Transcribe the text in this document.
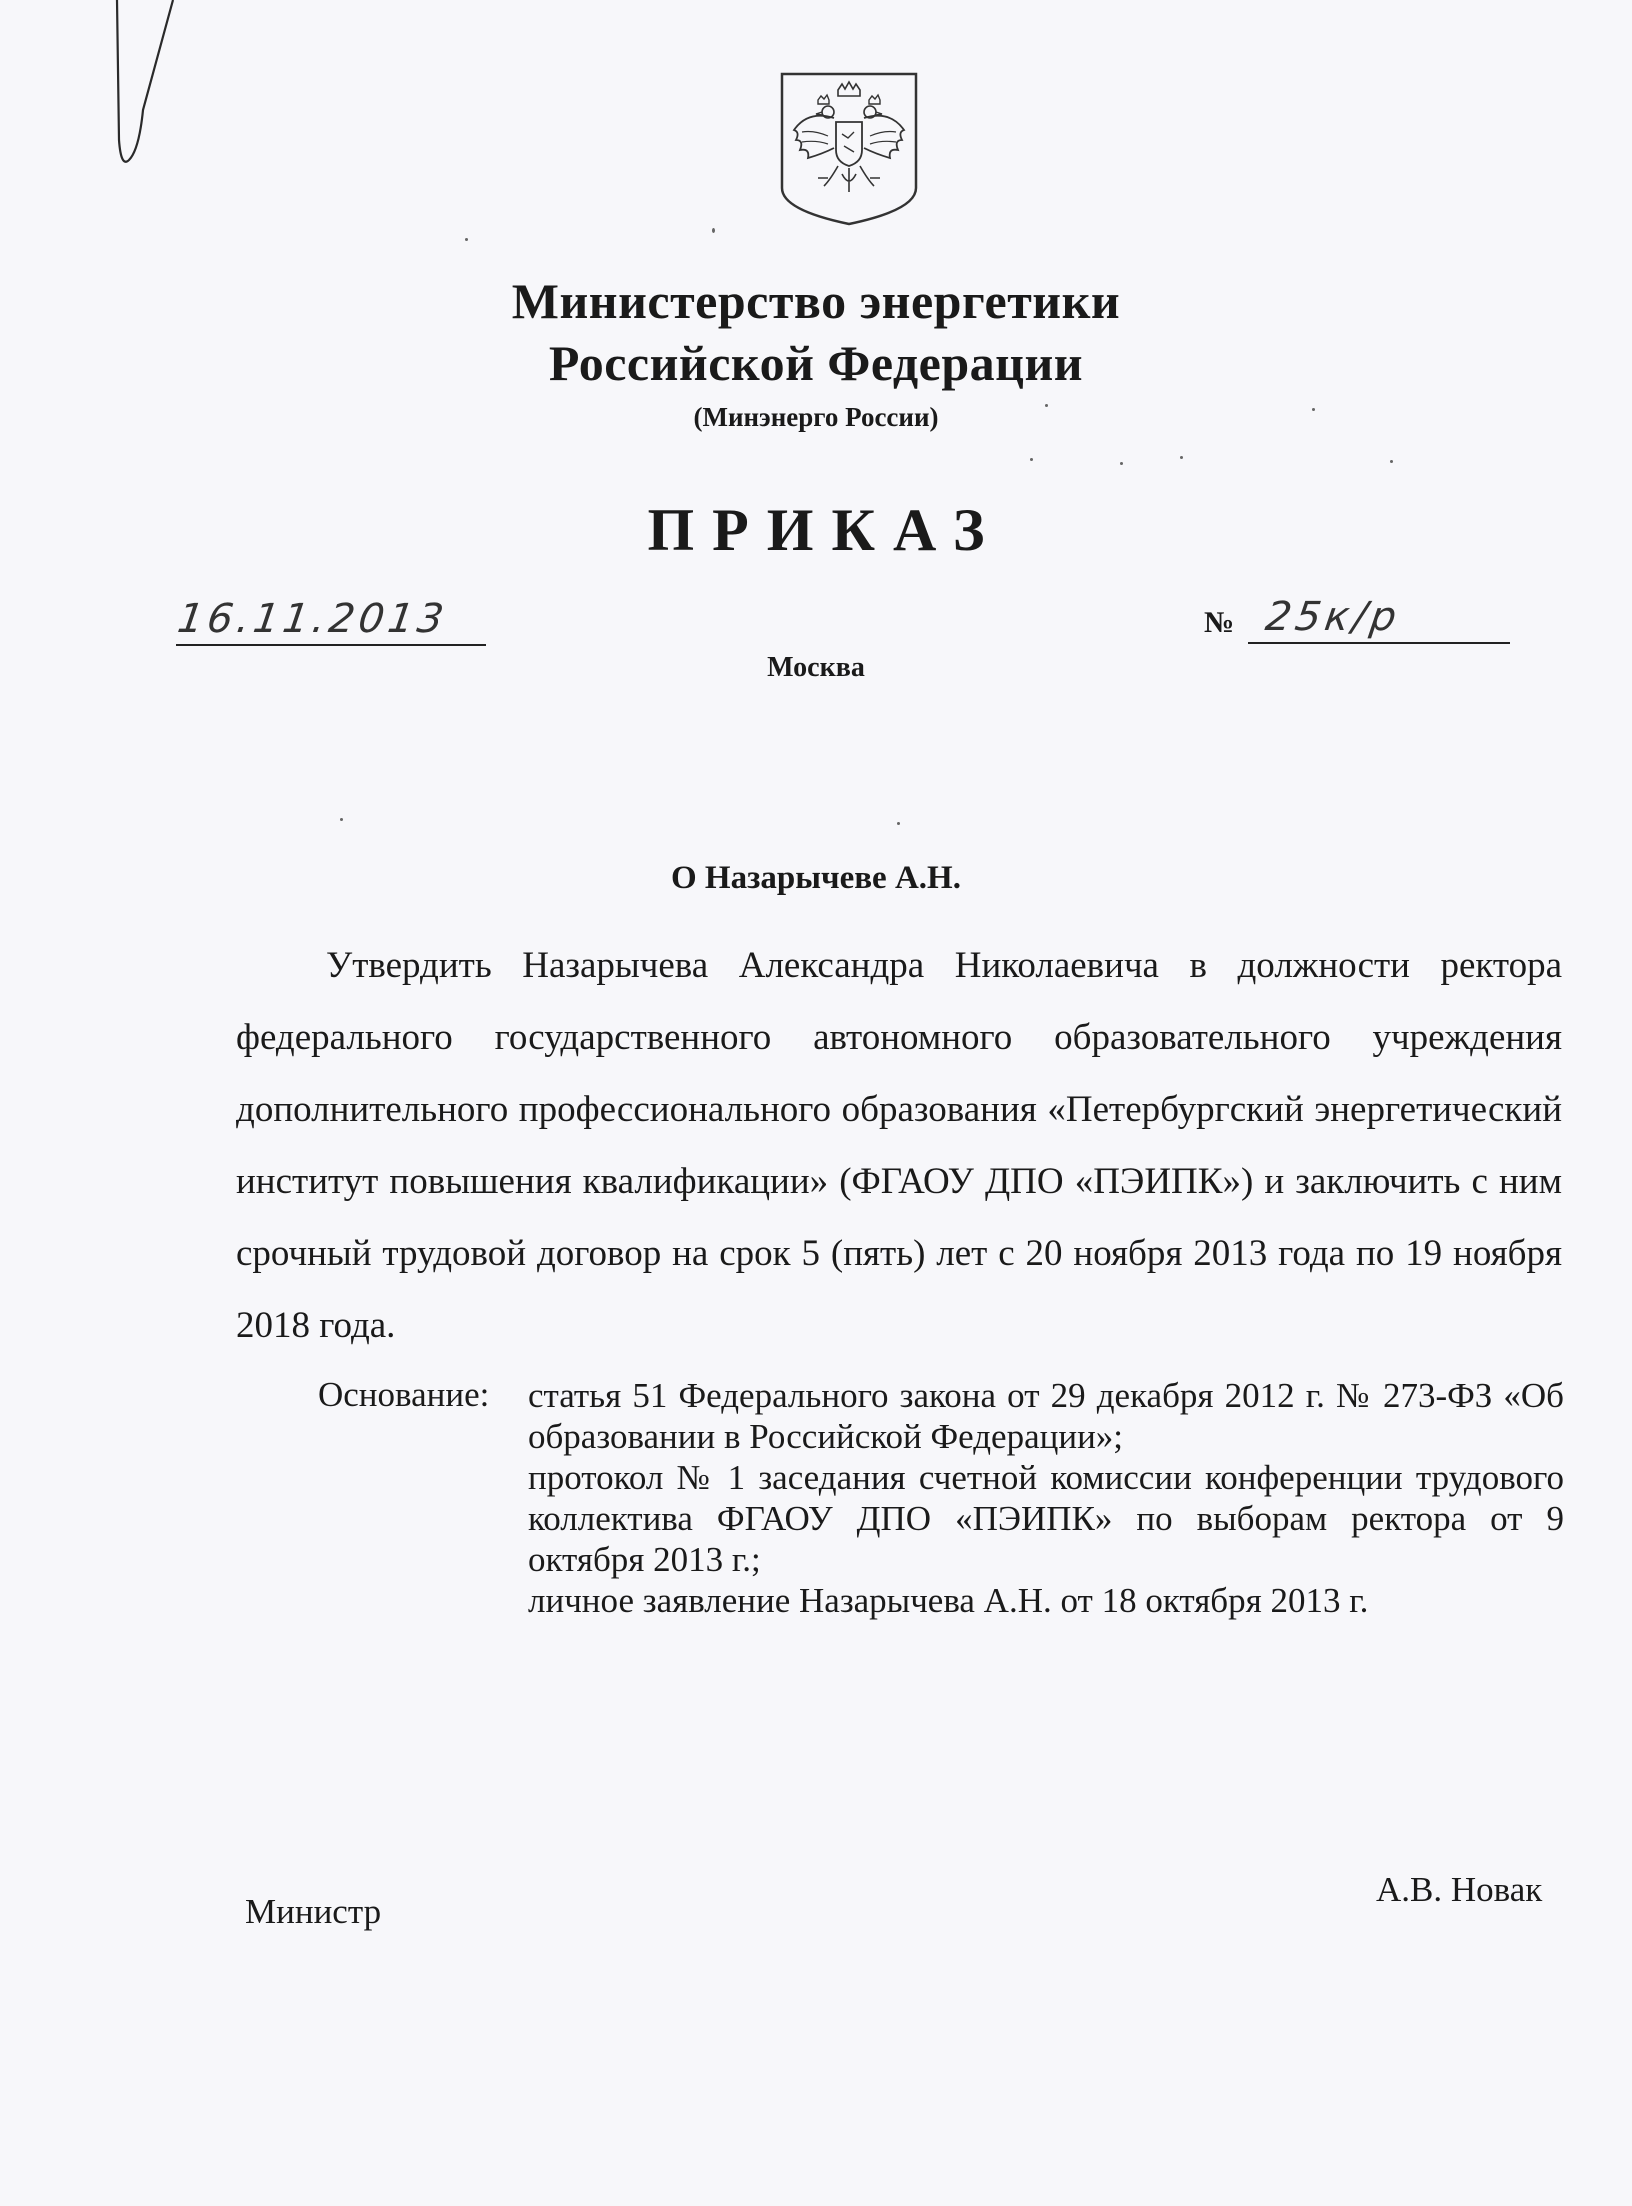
Министерство энергетики
Российской Федерации
(Минэнерго России)
ПРИКАЗ
16.11.2013	№ 25к/р
Москва
О Назарычеве А.Н.
Утвердить Назарычева Александра Николаевича в должности ректора федерального государственного автономного образовательного учреждения дополнительного профессионального образования «Петербургский энергетический институт повышения квалификации» (ФГАОУ ДПО «ПЭИПК») и заключить с ним срочный трудовой договор на срок 5 (пять) лет с 20 ноября 2013 года по 19 ноября 2018 года.
Основание: статья 51 Федерального закона от 29 декабря 2012 г. № 273-ФЗ «Об образовании в Российской Федерации»;
протокол № 1 заседания счетной комиссии конференции трудового коллектива ФГАОУ ДПО «ПЭИПК» по выборам ректора от 9 октября 2013 г.;
личное заявление Назарычева А.Н. от 18 октября 2013 г.
Министр
А.В. Новак
